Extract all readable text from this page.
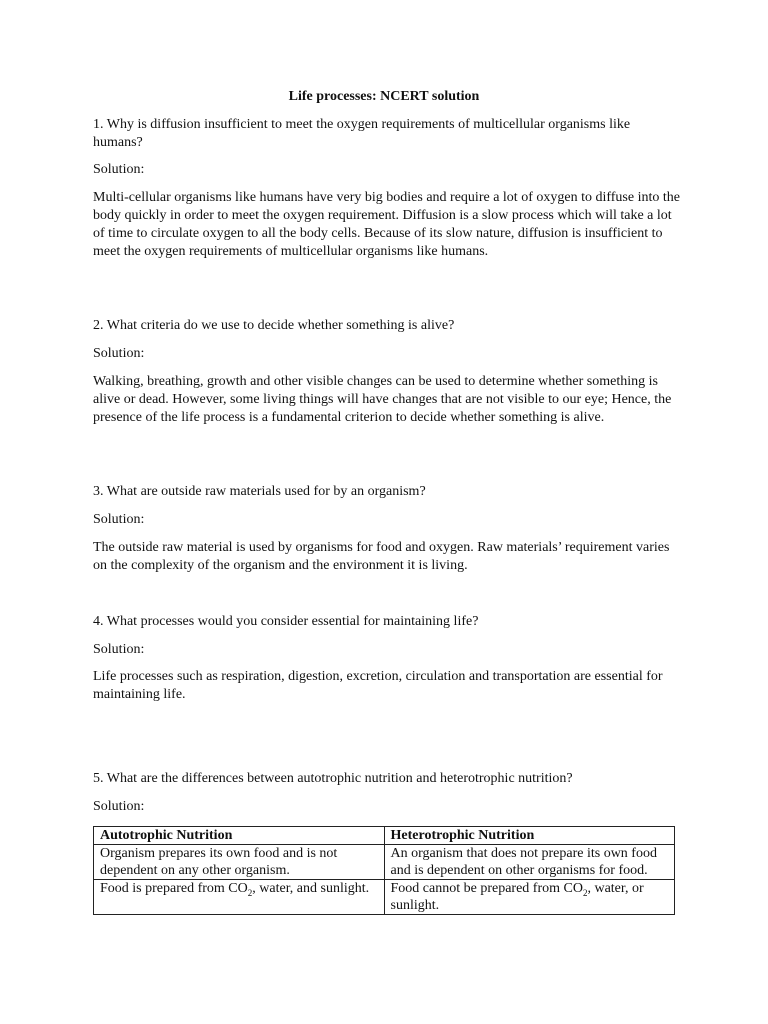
Life processes: NCERT solution

1. Why is diffusion insufficient to meet the oxygen requirements of multicellular organisms like humans?

Solution:

Multi-cellular organisms like humans have very big bodies and require a lot of oxygen to diffuse into the body quickly in order to meet the oxygen requirement. Diffusion is a slow process which will take a lot of time to circulate oxygen to all the body cells. Because of its slow nature, diffusion is insufficient to meet the oxygen requirements of multicellular organisms like humans.

2. What criteria do we use to decide whether something is alive?

Solution:

Walking, breathing, growth and other visible changes can be used to determine whether something is alive or dead. However, some living things will have changes that are not visible to our eye; Hence, the presence of the life process is a fundamental criterion to decide whether something is alive.

3. What are outside raw materials used for by an organism?

Solution:

The outside raw material is used by organisms for food and oxygen. Raw materials’ requirement varies on the complexity of the organism and the environment it is living.

4. What processes would you consider essential for maintaining life?

Solution:

Life processes such as respiration, digestion, excretion, circulation and transportation are essential for maintaining life.

5. What are the differences between autotrophic nutrition and heterotrophic nutrition?

Solution:

Autotrophic Nutrition	Heterotrophic Nutrition
Organism prepares its own food and is not dependent on any other organism.	An organism that does not prepare its own food and is dependent on other organisms for food.
Food is prepared from $CO_2$, water, and sunlight.	Food cannot be prepared from $CO_2$, water, or sunlight.
